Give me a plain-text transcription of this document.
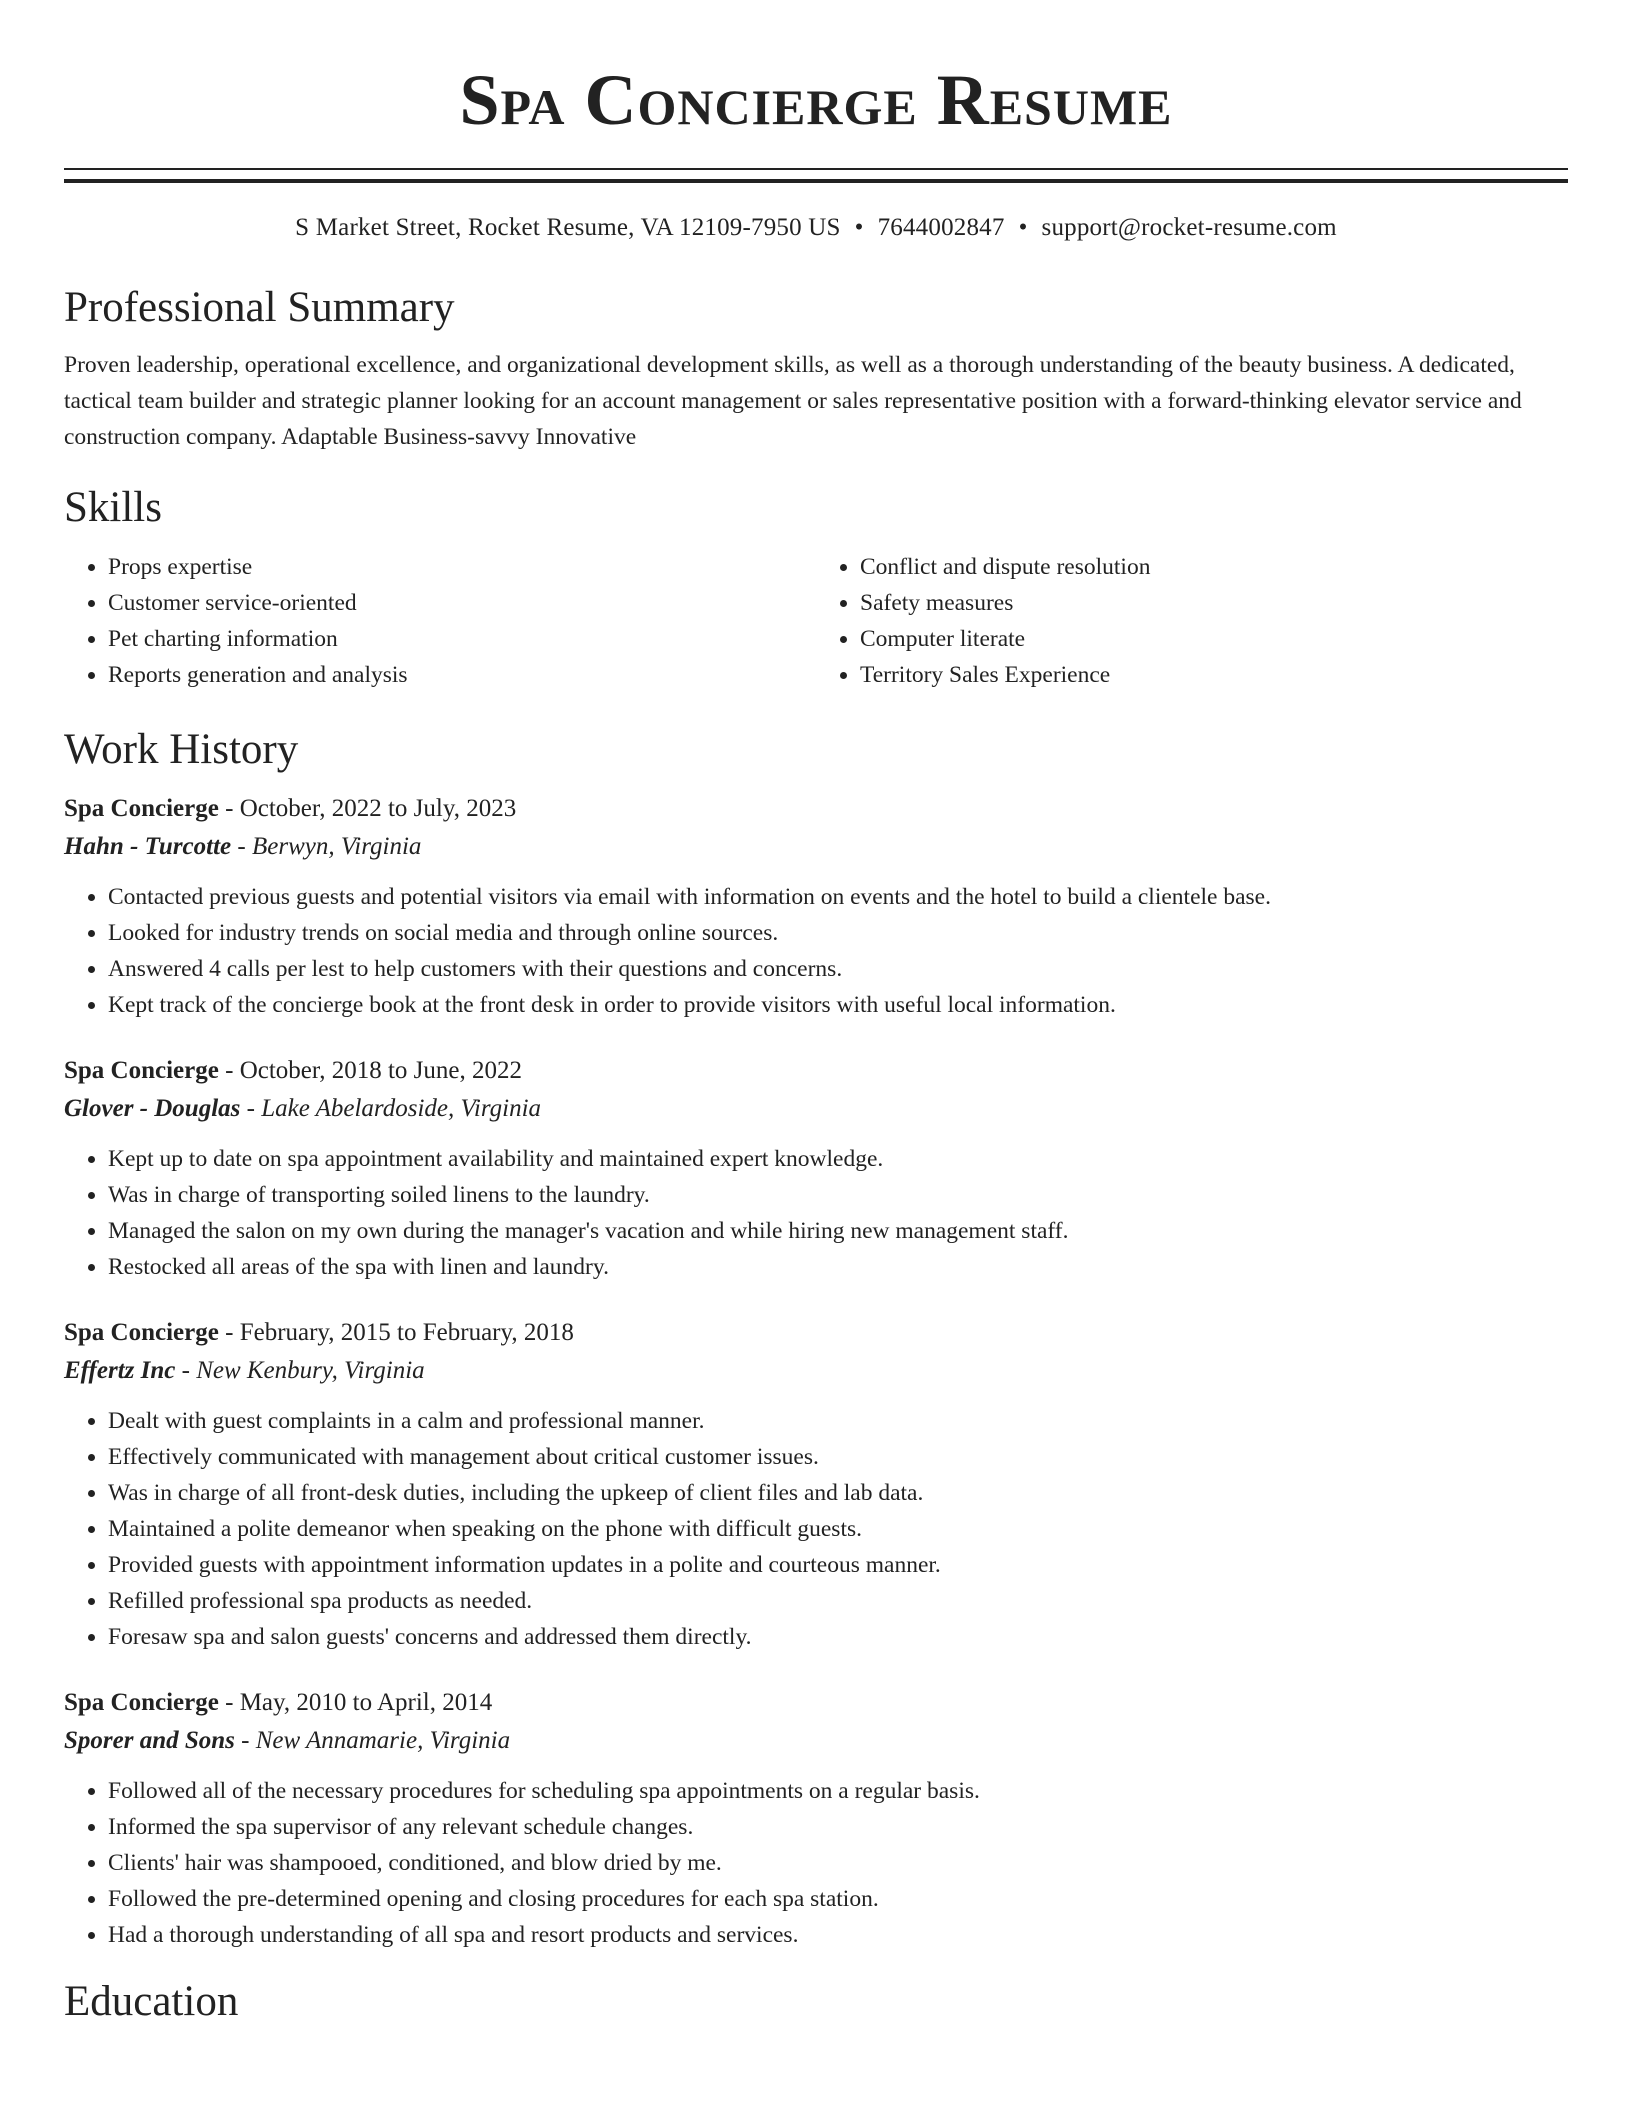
Spa Concierge Resume
S Market Street, Rocket Resume, VA 12109-7950 US • 7644002847 • support@rocket-resume.com
Professional Summary

Proven leadership, operational excellence, and organizational development skills, as well as a thorough understanding of the beauty business. A dedicated, tactical team builder and strategic planner looking for an account management or sales representative position with a forward-thinking elevator service and construction company. Adaptable Business-savvy Innovative

Skills
• Props expertise
• Customer service-oriented
• Pet charting information
• Reports generation and analysis
• Conflict and dispute resolution
• Safety measures
• Computer literate
• Territory Sales Experience
Work History

Spa Concierge - October, 2022 to July, 2023

Hahn - Turcotte - Berwyn, Virginia

• Contacted previous guests and potential visitors via email with information on events and the hotel to build a clientele base.
• Looked for industry trends on social media and through online sources.
• Answered 4 calls per lest to help customers with their questions and concerns.
• Kept track of the concierge book at the front desk in order to provide visitors with useful local information.

Spa Concierge - October, 2018 to June, 2022

Glover - Douglas - Lake Abelardoside, Virginia

• Kept up to date on spa appointment availability and maintained expert knowledge.
• Was in charge of transporting soiled linens to the laundry.
• Managed the salon on my own during the manager's vacation and while hiring new management staff.
• Restocked all areas of the spa with linen and laundry.

Spa Concierge - February, 2015 to February, 2018

Effertz Inc - New Kenbury, Virginia

• Dealt with guest complaints in a calm and professional manner.
• Effectively communicated with management about critical customer issues.
• Was in charge of all front-desk duties, including the upkeep of client files and lab data.
• Maintained a polite demeanor when speaking on the phone with difficult guests.
• Provided guests with appointment information updates in a polite and courteous manner.
• Refilled professional spa products as needed.
• Foresaw spa and salon guests' concerns and addressed them directly.

Spa Concierge - May, 2010 to April, 2014

Sporer and Sons - New Annamarie, Virginia

• Followed all of the necessary procedures for scheduling spa appointments on a regular basis.
• Informed the spa supervisor of any relevant schedule changes.
• Clients' hair was shampooed, conditioned, and blow dried by me.
• Followed the pre-determined opening and closing procedures for each spa station.
• Had a thorough understanding of all spa and resort products and services.
Education
